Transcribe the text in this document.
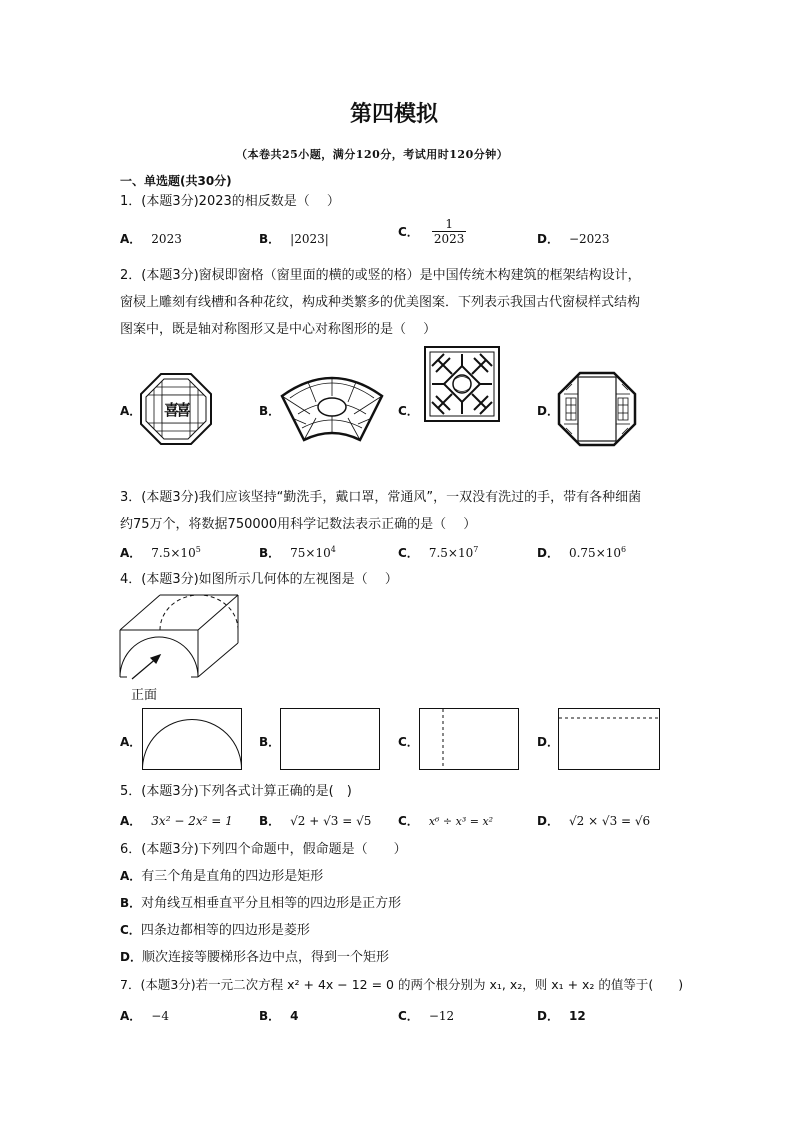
第四模拟
（本卷共25小题，满分120分，考试用时120分钟）
一、单选题(共30分)
1．(本题3分)2023的相反数是（　 ）
A． 2023	B． |2023|	C． $\frac{1}{2023}$	D． −2023
2．(本题3分)窗棂即窗格（窗里面的横的或竖的格）是中国传统木构建筑的框架结构设计，
窗棂上雕刻有线槽和各种花纹，构成种类繁多的优美图案．下列表示我国古代窗棂样式结构
图案中，既是轴对称图形又是中心对称图形的是（　 ）
A． 喜喜	B．	C．	D．
3．(本题3分)我们应该坚持“勤洗手，戴口罩，常通风”，一双没有洗过的手，带有各种细菌
约75万个，将数据750000用科学记数法表示正确的是（　 ）
A． $7.5\times 10^5$	B． $75\times 10^4$	C． $7.5\times 10^7$	D． $0.75\times 10^6$
4．(本题3分)如图所示几何体的左视图是（　 ）
正面
A．	B．	C．	D．
5．(本题3分)下列各式计算正确的是(　)
A． 3x² − 2x² = 1 B． √2 + √3 = √5 C． x⁶ ÷ x³ = x²	D． √2 × √3 = √6
6．(本题3分)下列四个命题中，假命题是（　　）
A．有三个角是直角的四边形是矩形
B．对角线互相垂直平分且相等的四边形是正方形
C．四条边都相等的四边形是菱形
D．顺次连接等腰梯形各边中点，得到一个矩形
7．(本题3分)若一元二次方程 x² + 4x − 12 = 0 的两个根分别为 x₁, x₂，则 x₁ + x₂ 的值等于(　　)
A． −4	B． 4	C． −12	D． 12
